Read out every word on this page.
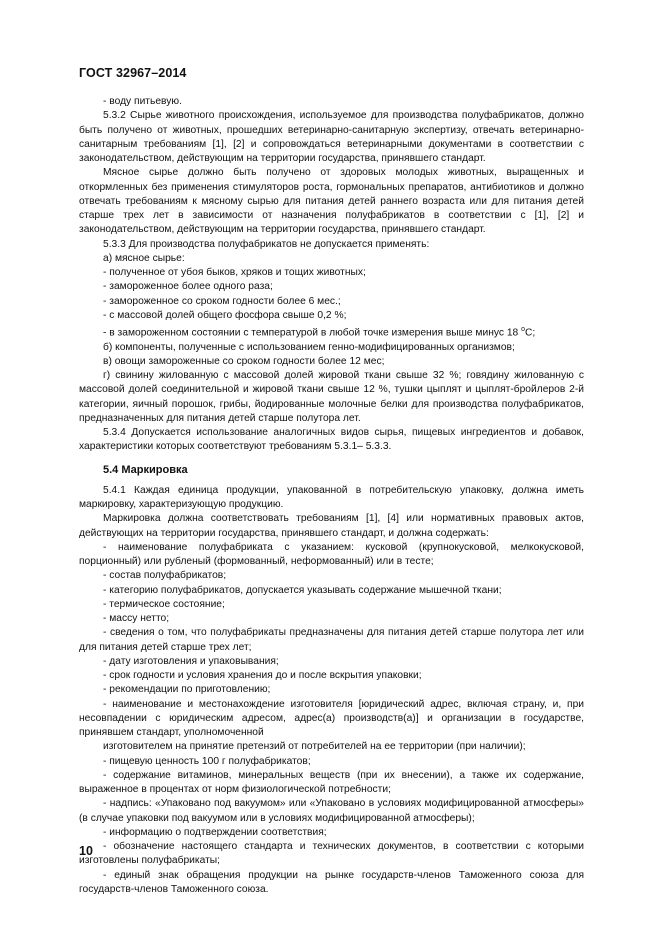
ГОСТ 32967–2014

- воду питьевую.

5.3.2 Сырье животного происхождения, используемое для производства полуфабрикатов, должно быть получено от животных, прошедших ветеринарно-санитарную экспертизу, отвечать ветеринарно-санитарным требованиям [1], [2] и сопровождаться ветеринарными документами в соответствии с законодательством, действующим на территории государства, принявшего стандарт.

Мясное сырье должно быть получено от здоровых молодых животных, выращенных и откормленных без применения стимуляторов роста, гормональных препаратов, антибиотиков и должно отвечать требованиям к мясному сырью для питания детей раннего возраста или для питания детей старше трех лет в зависимости от назначения полуфабрикатов в соответствии с [1], [2] и законодательством, действующим на территории государства, принявшего стандарт.

5.3.3 Для производства полуфабрикатов не допускается применять:

а) мясное сырье:

- полученное от убоя быков, хряков и тощих животных;

- замороженное более одного раза;

- замороженное со сроком годности более 6 мес.;

- с массовой долей общего фосфора свыше 0,2 %;

- в замороженном состоянии с температурой в любой точке измерения выше минус 18 $^о$С;

б) компоненты, полученные с использованием генно-модифицированных организмов;

в) овощи замороженные со сроком годности более 12 мес;

г) свинину жилованную с массовой долей жировой ткани свыше 32 %; говядину жилованную с массовой долей соединительной и жировой ткани свыше 12 %, тушки цыплят и цыплят-бройлеров 2-й категории, яичный порошок, грибы, йодированные молочные белки для производства полуфабрикатов, предназначенных для питания детей старше полутора лет.

5.3.4 Допускается использование аналогичных видов сырья, пищевых ингредиентов и добавок, характеристики которых соответствуют требованиям 5.3.1– 5.3.3.

5.4 Маркировка

5.4.1 Каждая единица продукции, упакованной в потребительскую упаковку, должна иметь маркировку, характеризующую продукцию.

Маркировка должна соответствовать требованиям [1], [4] или нормативных правовых актов, действующих на территории государства, принявшего стандарт, и должна содержать:

- наименование полуфабриката с указанием: кусковой (крупнокусковой, мелкокусковой, порционный) или рубленый (формованный, неформованный) или в тесте;

- состав полуфабрикатов;

- категорию полуфабрикатов, допускается указывать содержание мышечной ткани;

- термическое состояние;

- массу нетто;

- сведения о том, что полуфабрикаты предназначены для питания детей старше полутора лет или для питания детей старше трех лет;

- дату изготовления и упаковывания;

- срок годности и условия хранения до и после вскрытия упаковки;

- рекомендации по приготовлению;

- наименование и местонахождение изготовителя [юридический адрес, включая страну, и, при несовпадении с юридическим адресом, адрес(а) производств(а)] и организации в государстве, принявшем стандарт, уполномоченной

изготовителем на принятие претензий от потребителей на ее территории (при наличии);

- пищевую ценность 100 г полуфабрикатов;

- содержание витаминов, минеральных веществ (при их внесении), а также их содержание, выраженное в процентах от норм физиологической потребности;

- надпись: «Упаковано под вакуумом» или «Упаковано в условиях модифицированной атмосферы» (в случае упаковки под вакуумом или в условиях модифицированной атмосферы);

- информацию о подтверждении соответствия;

- обозначение настоящего стандарта и технических документов, в соответствии с которыми изготовлены полуфабрикаты;

- единый знак обращения продукции на рынке государств-членов Таможенного союза для государств-членов Таможенного союза.

10
